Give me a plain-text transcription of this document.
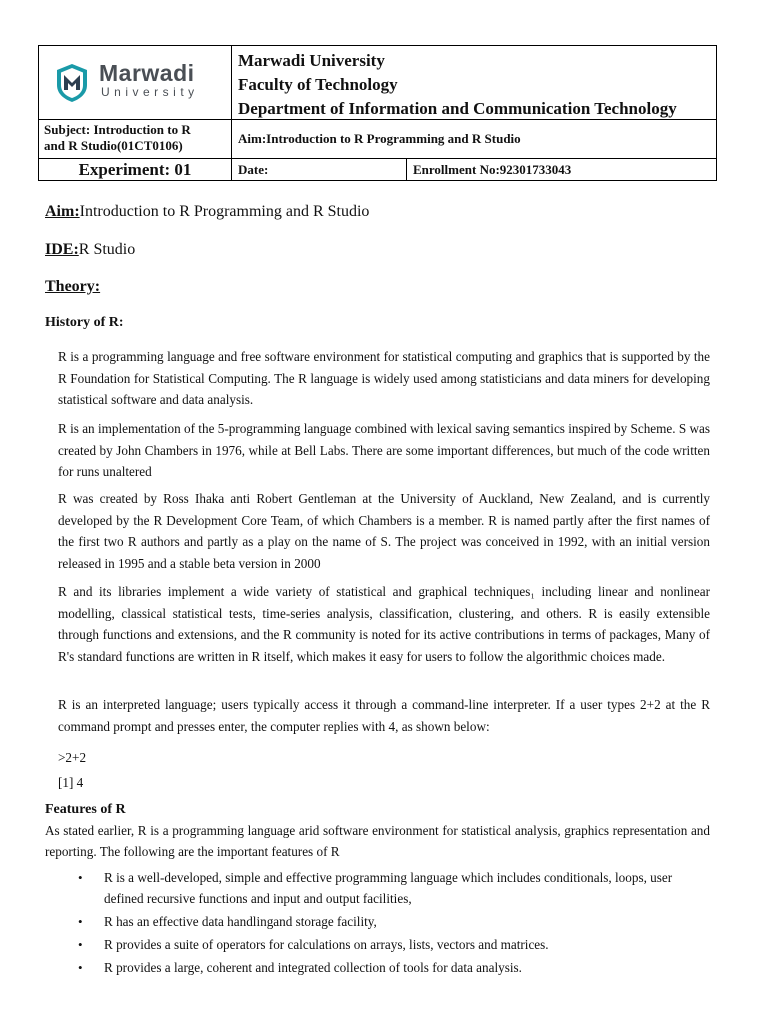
Marwadi
University
Marwadi University
Faculty of Technology
Department of Information and Communication Technology
Subject: Introduction to R
and R Studio(01CT0106)	Aim:Introduction to R Programming and R Studio
Experiment: 01	Date:	Enrollment No:92301733043
Aim:Introduction to R Programming and R Studio
IDE:R Studio
Theory:
History of R:
R is a programming language and free software environment for statistical computing and graphics that is supported by the R Foundation for Statistical Computing. The R language is widely used among statisticians and data miners for developing statistical software and data analysis.
R is an implementation of the 5-programming language combined with lexical saving semantics inspired by Scheme. S was created by John Chambers in 1976, while at Bell Labs. There are some important differences, but much of the code written for runs unaltered
R was created by Ross Ihaka anti Robert Gentleman at the University of Auckland, New Zealand, and is currently developed by the R Development Core Team, of which Chambers is a member. R is named partly after the first names of the first two R authors and partly as a play on the name of S. The project was conceived in 1992, with an initial version released in 1995 and a stable beta version in 2000
R and its libraries implement a wide variety of statistical and graphical techniques₁ including linear and nonlinear modelling, classical statistical tests, time-series analysis, classification, clustering, and others. R is easily extensible through functions and extensions, and the R community is noted for its active contributions in terms of packages, Many of R's standard functions are written in R itself, which makes it easy for users to follow the algorithmic choices made.
R is an interpreted language; users typically access it through a command-line interpreter. If a user types 2+2 at the R command prompt and presses enter, the computer replies with 4, as shown below:
>2+2
[1] 4
Features of R
As stated earlier, R is a programming language arid software environment for statistical analysis, graphics representation and reporting. The following are the important features of R
• R is a well-developed, simple and effective programming language which includes conditionals, loops, user defined recursive functions and input and output facilities,
• R has an effective data handlingand storage facility,
• R provides a suite of operators for calculations on arrays, lists, vectors and matrices.
• R provides a large, coherent and integrated collection of tools for data analysis.
